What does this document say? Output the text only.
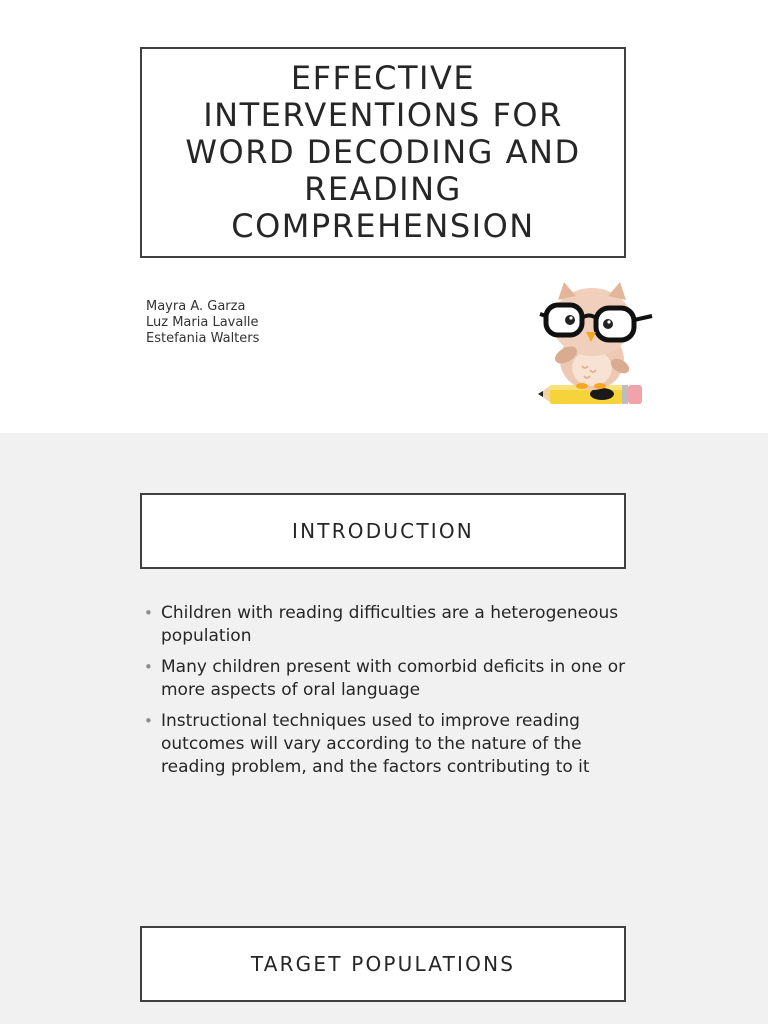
EFFECTIVE INTERVENTIONS FOR WORD DECODING AND READING COMPREHENSION
Mayra A. Garza
Luz Maria Lavalle
Estefania Walters
INTRODUCTION
• Children with reading difficulties are a heterogeneous population
• Many children present with comorbid deficits in one or more aspects of oral language
• Instructional techniques used to improve reading outcomes will vary according to the nature of the reading problem, and the factors contributing to it
TARGET POPULATIONS
